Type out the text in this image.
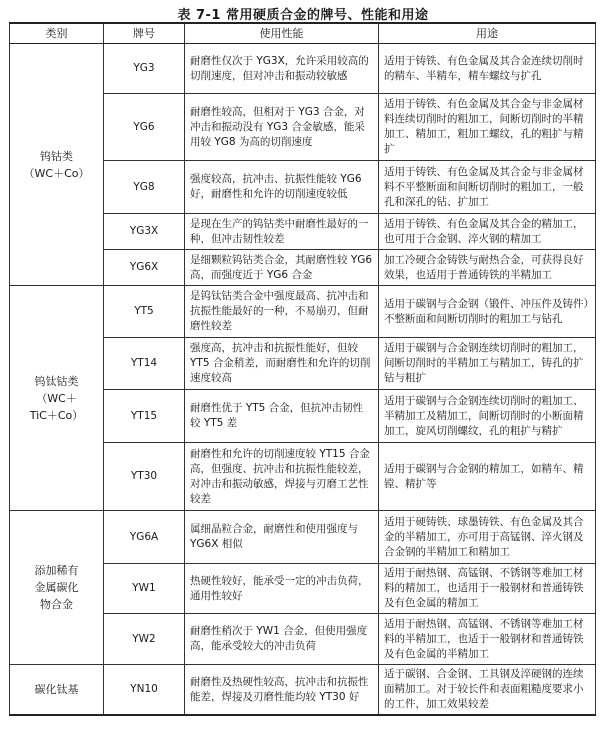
表 7-1 常用硬质合金的牌号、性能和用途
类别	牌号	使用性能	用途
钨钴类
（WC＋Co）	YG3	耐磨性仅次于 YG3X，允许采用较高的切削速度，但对冲击和振动较敏感	适用于铸铁、有色金属及其合金连续切削时的精车、半精车，精车螺纹与扩孔
	YG6	耐磨性较高，但相对于 YG3 合金，对冲击和振动没有 YG3 合金敏感，能采用较 YG8 为高的切削速度	适用于铸铁、有色金属及其合金与非金属材料连续切削时的粗加工，间断切削时的半精加工、精加工，粗加工螺纹，孔的粗扩与精扩
	YG8	强度较高，抗冲击、抗振性能较 YG6 好，耐磨性和允许的切削速度较低	适用于铸铁、有色金属及其合金与非金属材料不平整断面和间断切削时的粗加工，一般孔和深孔的钻、扩加工
	YG3X	是现在生产的钨钴类中耐磨性最好的一种，但冲击韧性较差	适用于铸铁、有色金属及其合金的精加工，也可用于合金钢、淬火钢的精加工
	YG6X	是细颗粒钨钴类合金，其耐磨性较 YG6 高，而强度近于 YG6 合金	加工冷硬合金铸铁与耐热合金，可获得良好效果，也适用于普通铸铁的半精加工
钨钛钴类
（WC＋
TiC＋Co）	YT5	是钨钛钴类合金中强度最高、抗冲击和抗振性能最好的一种，不易崩刃，但耐磨性较差	适用于碳钢与合金钢（锻件、冲压件及铸件）不整断面和间断切削时的粗加工与钻孔
	YT14	强度高，抗冲击和抗振性能好，但较 YT5 合金稍差，而耐磨性和允许的切削速度较高	适用于碳钢与合金钢连续切削时的粗加工，间断切削时的半精加工与精加工，铸孔的扩钻与粗扩
	YT15	耐磨性优于 YT5 合金，但抗冲击韧性较 YT5 差	适用于碳钢与合金钢连续切削时的粗加工、半精加工及精加工，间断切削时的小断面精加工，旋风切削螺纹，孔的粗扩与精扩
	YT30	耐磨性和允许的切削速度较 YT15 合金高，但强度、抗冲击和抗振性能较差，对冲击和振动敏感，焊接与刃磨工艺性较差	适用于碳钢与合金钢的精加工，如精车、精镗、精扩等
添加稀有
金属碳化
物合金	YG6A	属细晶粒合金，耐磨性和使用强度与 YG6X 相似	适用于硬铸铁、球墨铸铁、有色金属及其合金的半精加工，亦可用于高锰钢、淬火钢及合金钢的半精加工和精加工
	YW1	热硬性较好，能承受一定的冲击负荷，通用性较好	适用于耐热钢、高锰钢、不锈钢等难加工材料的精加工，也适用于一般钢材和普通铸铁及有色金属的精加工
	YW2	耐磨性稍次于 YW1 合金，但使用强度高，能承受较大的冲击负荷	适用于耐热钢、高锰钢、不锈钢等难加工材料的半精加工，也适于一般钢材和普通铸铁及有色金属的半精加工
碳化钛基	YN10	耐磨性及热硬性较高，抗冲击和抗振性能差，焊接及刃磨性能均较 YT30 好	适于碳钢、合金钢、工具钢及淬硬钢的连续面精加工。对于较长件和表面粗糙度要求小的工件，加工效果较差
